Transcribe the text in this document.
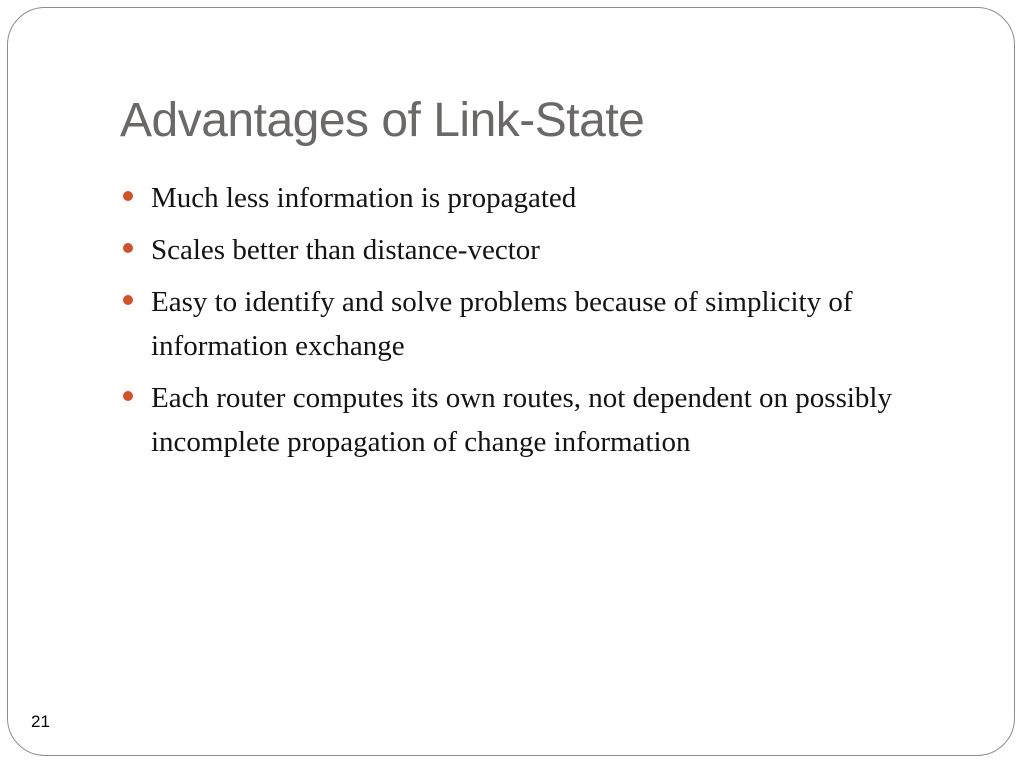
Advantages of Link-State
Much less information is propagated
Scales better than distance-vector
Easy to identify and solve problems because of simplicity of information exchange
Each router computes its own routes, not dependent on possibly incomplete propagation of change information
21
